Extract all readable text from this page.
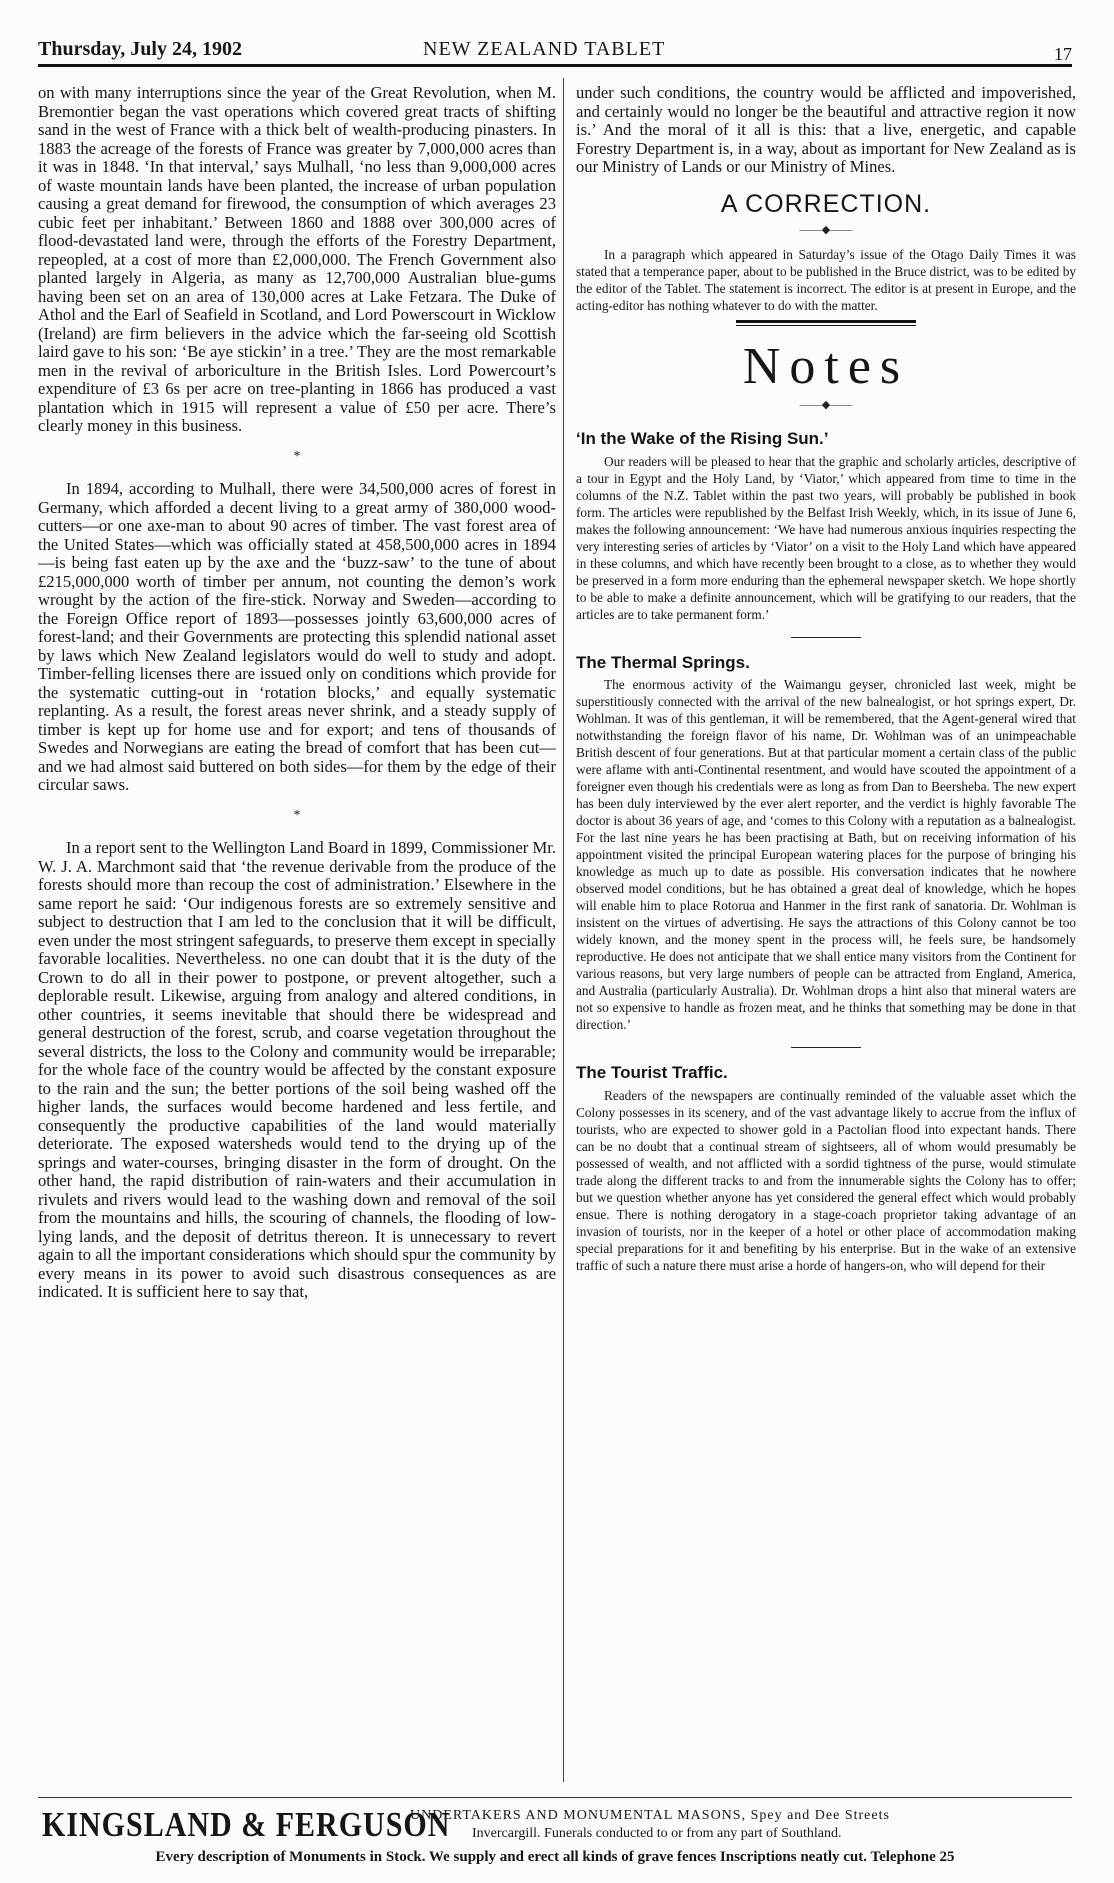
Thursday, July 24, 1902	NEW ZEALAND TABLET	17

on with many interruptions since the year of the Great Revolution, when M. Bremontier began the vast operations which covered great tracts of shifting sand in the west of France with a thick belt of wealth-producing pinasters. In 1883 the acreage of the forests of France was greater by 7,000,000 acres than it was in 1848. ‘In that interval,’ says Mulhall, ‘no less than 9,000,000 acres of waste mountain lands have been planted, the increase of urban population causing a great demand for firewood, the consumption of which averages 23 cubic feet per inhabitant.’ Between 1860 and 1888 over 300,000 acres of flood-devastated land were, through the efforts of the Forestry Department, repeopled, at a cost of more than £2,000,000. The French Government also planted largely in Algeria, as many as 12,700,000 Australian blue-gums having been set on an area of 130,000 acres at Lake Fetzara. The Duke of Athol and the Earl of Seafield in Scotland, and Lord Powerscourt in Wicklow (Ireland) are firm believers in the advice which the far-seeing old Scottish laird gave to his son: ‘Be aye stickin’ in a tree.’ They are the most remarkable men in the revival of arboriculture in the British Isles. Lord Powercourt’s expenditure of £3 6s per acre on tree-planting in 1866 has produced a vast plantation which in 1915 will represent a value of £50 per acre. There’s clearly money in this business.

*

In 1894, according to Mulhall, there were 34,500,000 acres of forest in Germany, which afforded a decent living to a great army of 380,000 wood-cutters—or one axe-man to about 90 acres of timber. The vast forest area of the United States—which was officially stated at 458,500,000 acres in 1894—is being fast eaten up by the axe and the ‘buzz-saw’ to the tune of about £215,000,000 worth of timber per annum, not counting the demon’s work wrought by the action of the fire-stick. Norway and Sweden—according to the Foreign Office report of 1893—possesses jointly 63,600,000 acres of forest-land; and their Governments are protecting this splendid national asset by laws which New Zealand legislators would do well to study and adopt. Timber-felling licenses there are issued only on conditions which provide for the systematic cutting-out in ‘rotation blocks,’ and equally systematic replanting. As a result, the forest areas never shrink, and a steady supply of timber is kept up for home use and for export; and tens of thousands of Swedes and Norwegians are eating the bread of comfort that has been cut—and we had almost said buttered on both sides—for them by the edge of their circular saws.

*

In a report sent to the Wellington Land Board in 1899, Commissioner Mr. W. J. A. Marchmont said that ‘the revenue derivable from the produce of the forests should more than recoup the cost of administration.’ Elsewhere in the same report he said: ‘Our indigenous forests are so extremely sensitive and subject to destruction that I am led to the conclusion that it will be difficult, even under the most stringent safeguards, to preserve them except in specially favorable localities. Nevertheless. no one can doubt that it is the duty of the Crown to do all in their power to postpone, or prevent altogether, such a deplorable result. Likewise, arguing from analogy and altered conditions, in other countries, it seems inevitable that should there be widespread and general destruction of the forest, scrub, and coarse vegetation throughout the several districts, the loss to the Colony and community would be irreparable; for the whole face of the country would be affected by the constant exposure to the rain and the sun; the better portions of the soil being washed off the higher lands, the surfaces would become hardened and less fertile, and consequently the productive capabilities of the land would materially deteriorate. The exposed watersheds would tend to the drying up of the springs and water-courses, bringing disaster in the form of drought. On the other hand, the rapid distribution of rain-waters and their accumulation in rivulets and rivers would lead to the washing down and removal of the soil from the mountains and hills, the scouring of channels, the flooding of low-lying lands, and the deposit of detritus thereon. It is unnecessary to revert again to all the important considerations which should spur the community by every means in its power to avoid such disastrous consequences as are indicated. It is sufficient here to say that,

under such conditions, the country would be afflicted and impoverished, and certainly would no longer be the beautiful and attractive region it now is.’ And the moral of it all is this: that a live, energetic, and capable Forestry Department is, in a way, about as important for New Zealand as is our Ministry of Lands or our Ministry of Mines.

A CORRECTION.
——◆——

In a paragraph which appeared in Saturday’s issue of the Otago Daily Times it was stated that a temperance paper, about to be published in the Bruce district, was to be edited by the editor of the Tablet. The statement is incorrect. The editor is at present in Europe, and the acting-editor has nothing whatever to do with the matter.

Notes
——◆——
‘In the Wake of the Rising Sun.’

Our readers will be pleased to hear that the graphic and scholarly articles, descriptive of a tour in Egypt and the Holy Land, by ‘Viator,’ which appeared from time to time in the columns of the N.Z. Tablet within the past two years, will probably be published in book form. The articles were republished by the Belfast Irish Weekly, which, in its issue of June 6, makes the following announcement: ‘We have had numerous anxious inquiries respecting the very interesting series of articles by ‘Viator’ on a visit to the Holy Land which have appeared in these columns, and which have recently been brought to a close, as to whether they would be preserved in a form more enduring than the ephemeral newspaper sketch. We hope shortly to be able to make a definite announcement, which will be gratifying to our readers, that the articles are to take permanent form.’

The Thermal Springs.

The enormous activity of the Waimangu geyser, chronicled last week, might be superstitiously connected with the arrival of the new balnealogist, or hot springs expert, Dr. Wohlman. It was of this gentleman, it will be remembered, that the Agent-general wired that notwithstanding the foreign flavor of his name, Dr. Wohlman was of an unimpeachable British descent of four generations. But at that particular moment a certain class of the public were aflame with anti-Continental resentment, and would have scouted the appointment of a foreigner even though his credentials were as long as from Dan to Beersheba. The new expert has been duly interviewed by the ever alert reporter, and the verdict is highly favorable The doctor is about 36 years of age, and ‘comes to this Colony with a reputation as a balnealogist. For the last nine years he has been practising at Bath, but on receiving information of his appointment visited the principal European watering places for the purpose of bringing his knowledge as much up to date as possible. His conversation indicates that he nowhere observed model conditions, but he has obtained a great deal of knowledge, which he hopes will enable him to place Rotorua and Hanmer in the first rank of sanatoria. Dr. Wohlman is insistent on the virtues of advertising. He says the attractions of this Colony cannot be too widely known, and the money spent in the process will, he feels sure, be handsomely reproductive. He does not anticipate that we shall entice many visitors from the Continent for various reasons, but very large numbers of people can be attracted from England, America, and Australia (particularly Australia). Dr. Wohlman drops a hint also that mineral waters are not so expensive to handle as frozen meat, and he thinks that something may be done in that direction.’

The Tourist Traffic.

Readers of the newspapers are continually reminded of the valuable asset which the Colony possesses in its scenery, and of the vast advantage likely to accrue from the influx of tourists, who are expected to shower gold in a Pactolian flood into expectant hands. There can be no doubt that a continual stream of sightseers, all of whom would presumably be possessed of wealth, and not afflicted with a sordid tightness of the purse, would stimulate trade along the different tracks to and from the innumerable sights the Colony has to offer; but we question whether anyone has yet considered the general effect which would probably ensue. There is nothing derogatory in a stage-coach proprietor taking advantage of an invasion of tourists, nor in the keeper of a hotel or other place of accommodation making special preparations for it and benefiting by his enterprise. But in the wake of an extensive traffic of such a nature there must arise a horde of hangers-on, who will depend for their

KINGSLAND & FERGUSON
UNDERTAKERS AND MONUMENTAL MASONS, Spey and Dee Streets
Invercargill. Funerals conducted to or from any part of Southland.
Every description of Monuments in Stock. We supply and erect all kinds of grave fences Inscriptions neatly cut. Telephone 25
